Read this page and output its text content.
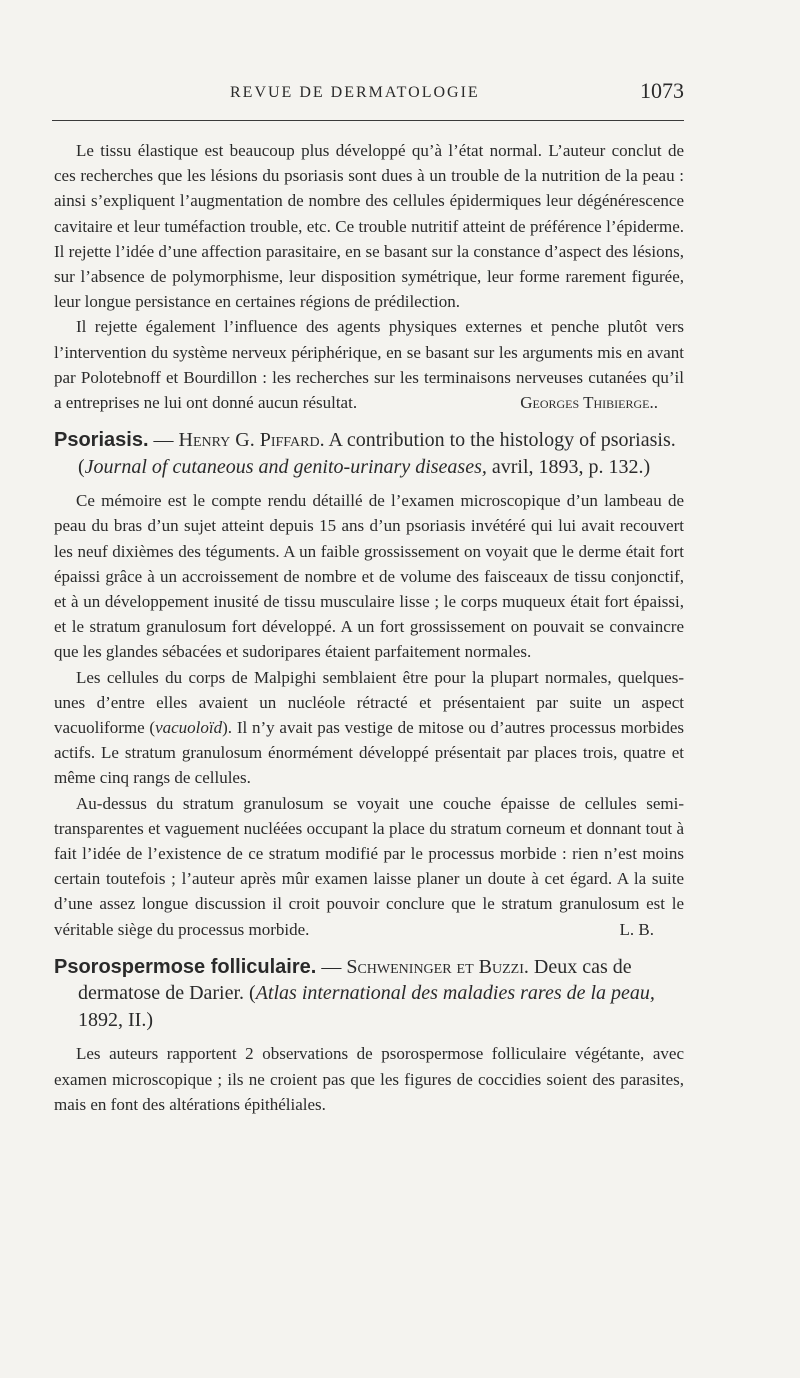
REVUE DE DERMATOLOGIE	1073

Le tissu élastique est beaucoup plus développé qu’à l’état normal. L’auteur conclut de ces recherches que les lésions du psoriasis sont dues à un trouble de la nutrition de la peau : ainsi s’expliquent l’augmentation de nombre des cellules épidermiques leur dégénérescence cavitaire et leur tuméfaction trouble, etc. Ce trouble nutritif atteint de préférence l’épiderme. Il rejette l’idée d’une affection parasitaire, en se basant sur la constance d’aspect des lésions, sur l’absence de polymorphisme, leur disposition symétrique, leur forme rarement figurée, leur longue persistance en certaines régions de prédilection.

Il rejette également l’influence des agents physiques externes et penche plutôt vers l’intervention du système nerveux périphérique, en se basant sur les arguments mis en avant par Polotebnoff et Bourdillon : les recherches sur les terminaisons nerveuses cutanées qu’il a entreprises ne lui ont donné aucun résultat.	Georges Thibierge..

Psoriasis. — Henry G. Piffard. A contribution to the histology of psoriasis. (Journal of cutaneous and genito-urinary diseases, avril, 1893, p. 132.)

Ce mémoire est le compte rendu détaillé de l’examen microscopique d’un lambeau de peau du bras d’un sujet atteint depuis 15 ans d’un psoriasis invétéré qui lui avait recouvert les neuf dixièmes des téguments. A un faible grossissement on voyait que le derme était fort épaissi grâce à un accroissement de nombre et de volume des faisceaux de tissu conjonctif, et à un développement inusité de tissu musculaire lisse ; le corps muqueux était fort épaissi, et le stratum granulosum fort développé. A un fort grossissement on pouvait se convaincre que les glandes sébacées et sudoripares étaient parfaitement normales.

Les cellules du corps de Malpighi semblaient être pour la plupart normales, quelques-unes d’entre elles avaient un nucléole rétracté et présentaient par suite un aspect vacuoliforme (vacuoloïd). Il n’y avait pas vestige de mitose ou d’autres processus morbides actifs. Le stratum granulosum énormément développé présentait par places trois, quatre et même cinq rangs de cellules.

Au-dessus du stratum granulosum se voyait une couche épaisse de cellules semi-transparentes et vaguement nucléées occupant la place du stratum corneum et donnant tout à fait l’idée de l’existence de ce stratum modifié par le processus morbide : rien n’est moins certain toutefois ; l’auteur après mûr examen laisse planer un doute à cet égard. A la suite d’une assez longue discussion il croit pouvoir conclure que le stratum granulosum est le véritable siège du processus morbide.	L. B.

Psorospermose folliculaire. — Schweninger et Buzzi. Deux cas de dermatose de Darier. (Atlas international des maladies rares de la peau, 1892, II.)

Les auteurs rapportent 2 observations de psorospermose folliculaire végétante, avec examen microscopique ; ils ne croient pas que les figures de coccidies soient des parasites, mais en font des altérations épithéliales.
